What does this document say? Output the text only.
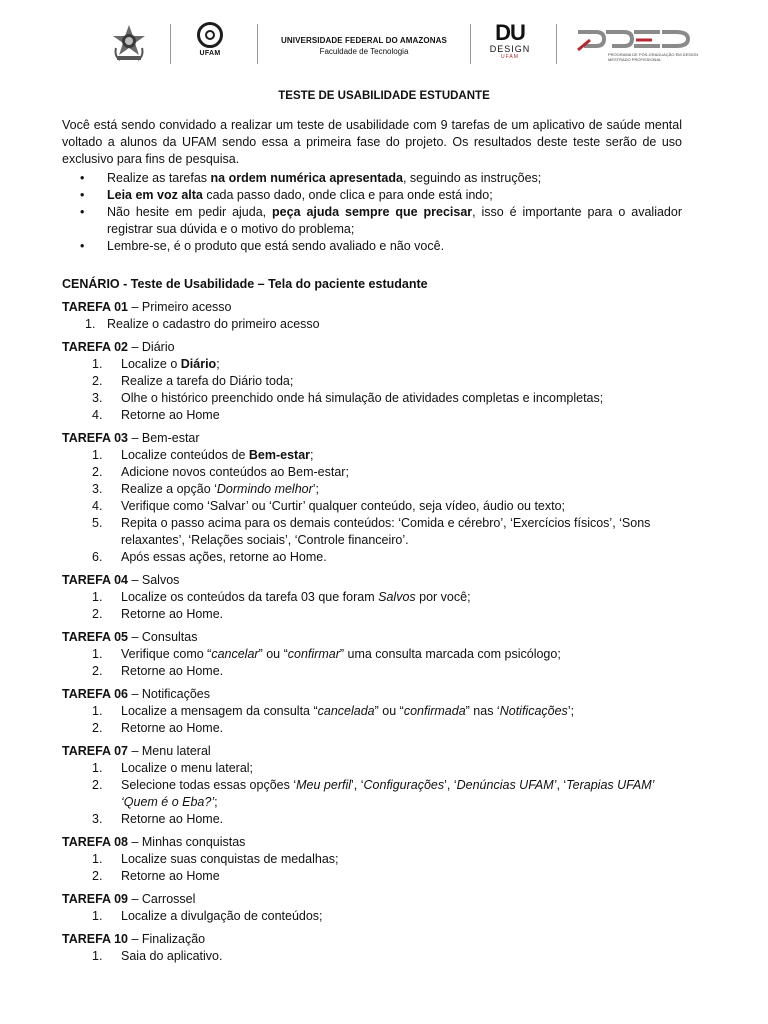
UFAM
UNIVERSIDADE FEDERAL DO AMAZONAS
Faculdade de Tecnologia
DU
DESIGN
UFAM	PROGRAMA DE PÓS-GRADUAÇÃO EM DESIGN MESTRADO PROFISSIONAL
TESTE DE USABILIDADE ESTUDANTE

Você está sendo convidado a realizar um teste de usabilidade com 9 tarefas de um aplicativo de saúde mental voltado a alunos da UFAM sendo essa a primeira fase do projeto. Os resultados deste teste serão de uso exclusivo para fins de pesquisa.

• Realize as tarefas na ordem numérica apresentada, seguindo as instruções;
• Leia em voz alta cada passo dado, onde clica e para onde está indo;
• Não hesite em pedir ajuda, peça ajuda sempre que precisar, isso é importante para o avaliador registrar sua dúvida e o motivo do problema;
• Lembre-se, é o produto que está sendo avaliado e não você.
CENÁRIO - Teste de Usabilidade – Tela do paciente estudante
TAREFA 01 – Primeiro acesso
1. Realize o cadastro do primeiro acesso
TAREFA 02 – Diário
1. Localize o Diário;
2. Realize a tarefa do Diário toda;
3. Olhe o histórico preenchido onde há simulação de atividades completas e incompletas;
4. Retorne ao Home
TAREFA 03 – Bem-estar
1. Localize conteúdos de Bem-estar;
2. Adicione novos conteúdos ao Bem-estar;
3. Realize a opção ‘Dormindo melhor’;
4. Verifique como ‘Salvar’ ou ‘Curtir’ qualquer conteúdo, seja vídeo, áudio ou texto;
5. Repita o passo acima para os demais conteúdos: ‘Comida e cérebro’, ‘Exercícios físicos’, ‘Sons relaxantes’, ‘Relações sociais’, ‘Controle financeiro’.
6. Após essas ações, retorne ao Home.
TAREFA 04 – Salvos
1. Localize os conteúdos da tarefa 03 que foram Salvos por você;
2. Retorne ao Home.
TAREFA 05 – Consultas
1. Verifique como “cancelar” ou “confirmar” uma consulta marcada com psicólogo;
2. Retorne ao Home.
TAREFA 06 – Notificações
1. Localize a mensagem da consulta “cancelada” ou “confirmada” nas ‘Notificações’;
2. Retorne ao Home.
TAREFA 07 – Menu lateral
1. Localize o menu lateral;
2. Selecione todas essas opções ‘Meu perfil’, ‘Configurações’, ‘Denúncias UFAM’, ‘Terapias UFAM’ ‘Quem é o Eba?’;
3. Retorne ao Home.
TAREFA 08 – Minhas conquistas
1. Localize suas conquistas de medalhas;
2. Retorne ao Home
TAREFA 09 – Carrossel
1. Localize a divulgação de conteúdos;
TAREFA 10 – Finalização
1. Saia do aplicativo.
